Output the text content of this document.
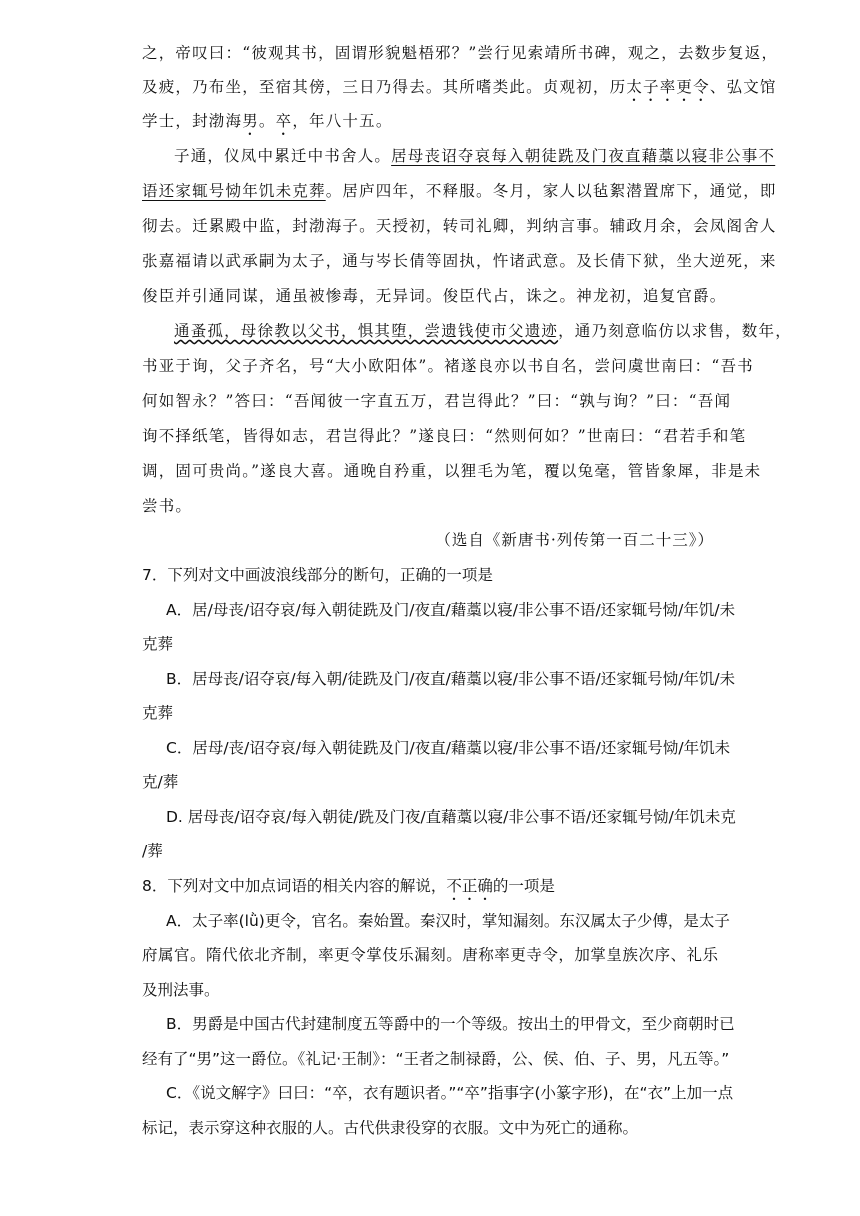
之，帝叹曰：“彼观其书，固谓形貌魁梧邪？”尝行见索靖所书碑，观之，去数步复返，
及疲，乃布坐，至宿其傍，三日乃得去。其所嗜类此。贞观初，历太子率更令、弘文馆
学士，封渤海男。卒，年八十五。
子通，仪凤中累迁中书舍人。居母丧诏夺哀每入朝徒跣及门夜直藉藁以寝非公事不
语还家辄号恸年饥未克葬。居庐四年，不释服。冬月，家人以毡絮潜置席下，通觉，即
彻去。迁累殿中监，封渤海子。天授初，转司礼卿，判纳言事。辅政月余，会凤阁舍人
张嘉福请以武承嗣为太子，通与岑长倩等固执，忤诸武意。及长倩下狱，坐大逆死，来
俊臣并引通同谋，通虽被惨毒，无异词。俊臣代占，诛之。神龙初，追复官爵。
通蚤孤，母徐教以父书，惧其堕，尝遗钱使市父遗迹，通乃刻意临仿以求售，数年，
书亚于询，父子齐名，号“大小欧阳体”。褚遂良亦以书自名，尝问虞世南曰：“吾书
何如智永？”答曰：“吾闻彼一字直五万，君岂得此？”曰：“孰与询？”曰：“吾闻
询不择纸笔，皆得如志，君岂得此？”遂良曰：“然则何如？”世南曰：“君若手和笔
调，固可贵尚。”遂良大喜。通晚自矜重，以狸毛为笔，覆以兔毫，管皆象犀，非是未
尝书。
（选自《新唐书·列传第一百二十三》）
7．下列对文中画波浪线部分的断句，正确的一项是
A．居/母丧/诏夺哀/每入朝徒跣及门/夜直/藉藁以寝/非公事不语/还家辄号恸/年饥/未
克葬
B．居母丧/诏夺哀/每入朝/徒跣及门/夜直/藉藁以寝/非公事不语/还家辄号恸/年饥/未
克葬
C．居母/丧/诏夺哀/每入朝徒跣及门/夜直/藉藁以寝/非公事不语/还家辄号恸/年饥未
克/葬
D. 居母丧/诏夺哀/每入朝徒/跣及门夜/直藉藁以寝/非公事不语/还家辄号恸/年饥未克
/葬
8．下列对文中加点词语的相关内容的解说，不正确的一项是
A．太子率(lǜ)更令，官名。秦始置。秦汉时，掌知漏刻。东汉属太子少傅，是太子
府属官。隋代依北齐制，率更令掌伎乐漏刻。唐称率更寺令，加掌皇族次序、礼乐
及刑法事。
B．男爵是中国古代封建制度五等爵中的一个等级。按出土的甲骨文，至少商朝时已
经有了“男”这一爵位。《礼记·王制》：“王者之制禄爵，公、侯、伯、子、男，凡五等。”
C．《说文解字》曰曰：“卒，衣有题识者。”“卒”指事字(小篆字形)，在“衣”上加一点
标记，表示穿这种衣服的人。古代供隶役穿的衣服。文中为死亡的通称。
